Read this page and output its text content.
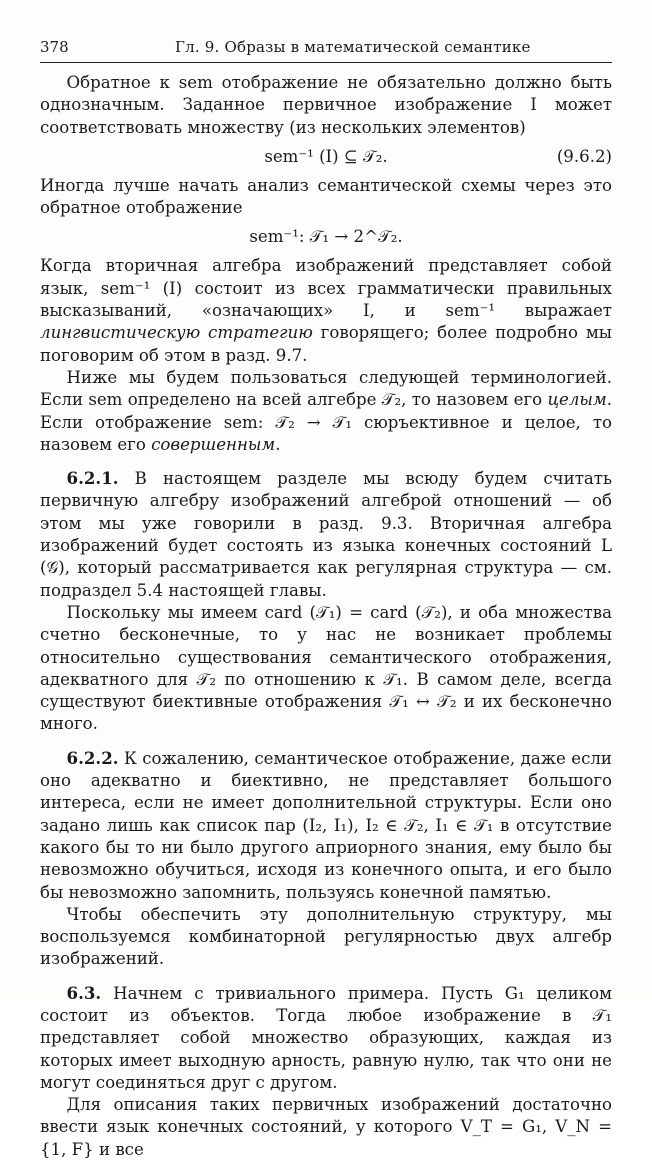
378	Гл. 9. Образы в математической семантике

Обратное к sem отображение не обязательно должно быть однозначным. Заданное первичное изображение I может соответствовать множеству (из нескольких элементов)

sem⁻¹ (I) ⊆ 𝒯₂.	(9.6.2)

Иногда лучше начать анализ семантической схемы через это обратное отображение

sem⁻¹: 𝒯₁ → 2^𝒯₂.

Когда вторичная алгебра изображений представляет собой язык, sem⁻¹ (I) состоит из всех грамматически правильных высказываний, «означающих» I, и sem⁻¹ выражает лингвистическую стратегию говорящего; более подробно мы поговорим об этом в разд. 9.7.

Ниже мы будем пользоваться следующей терминологией. Если sem определено на всей алгебре 𝒯₂, то назовем его целым. Если отображение sem: 𝒯₂ → 𝒯₁ сюръективное и целое, то назовем его совершенным.

6.2.1. В настоящем разделе мы всюду будем считать первичную алгебру изображений алгеброй отношений — об этом мы уже говорили в разд. 9.3. Вторичная алгебра изображений будет состоять из языка конечных состояний L (𝒢), который рассматривается как регулярная структура — см. подраздел 5.4 настоящей главы.

Поскольку мы имеем card (𝒯₁) = card (𝒯₂), и оба множества счетно бесконечные, то у нас не возникает проблемы относительно существования семантического отображения, адекватного для 𝒯₂ по отношению к 𝒯₁. В самом деле, всегда существуют биективные отображения 𝒯₁ ↔ 𝒯₂ и их бесконечно много.

6.2.2. К сожалению, семантическое отображение, даже если оно адекватно и биективно, не представляет большого интереса, если не имеет дополнительной структуры. Если оно задано лишь как список пар (I₂, I₁), I₂ ∈ 𝒯₂, I₁ ∈ 𝒯₁ в отсутствие какого бы то ни было другого априорного знания, ему было бы невозможно обучиться, исходя из конечного опыта, и его было бы невозможно запомнить, пользуясь конечной памятью.

Чтобы обеспечить эту дополнительную структуру, мы воспользуемся комбинаторной регулярностью двух алгебр изображений.

6.3. Начнем с тривиального примера. Пусть G₁ целиком состоит из объектов. Тогда любое изображение в 𝒯₁ представляет собой множество образующих, каждая из которых имеет выходную арность, равную нулю, так что они не могут соединяться друг с другом.

Для описания таких первичных изображений достаточно ввести язык конечных состояний, у которого V_T = G₁, V_N = {1, F} и все
